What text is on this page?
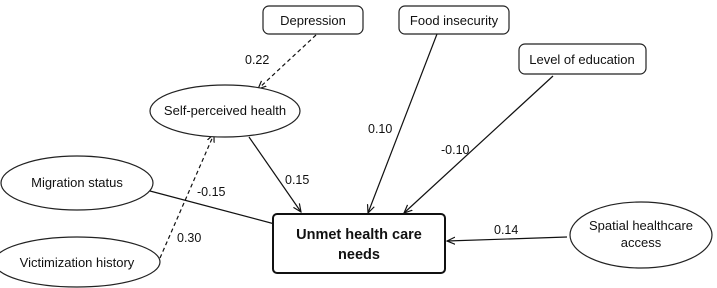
0.22
0.30
0.15
-0.15
0.10
-0.10
0.14
Depression	Food insecurity
Level of education
Self-perceived health
Migration status
Victimization history
Unmet health care
needs
Spatial healthcare
access
